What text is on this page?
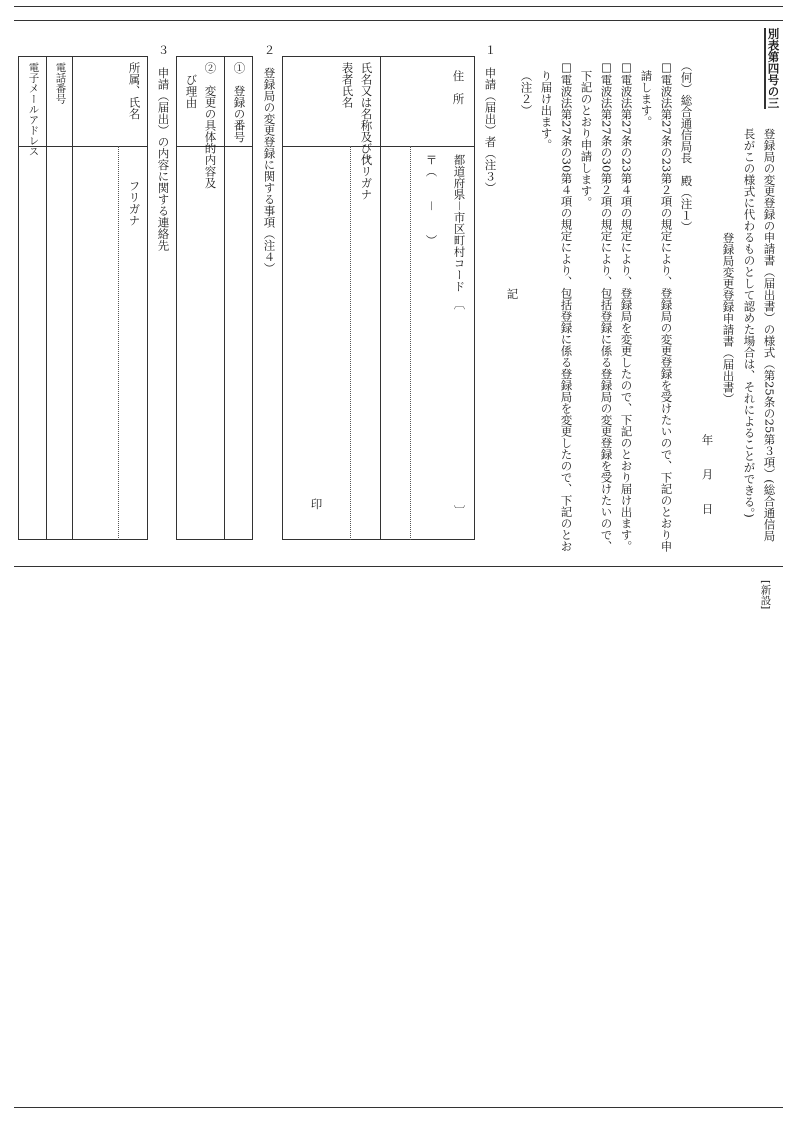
[新設]
別表第四号の三
登録局の変更登録の申請書（届出書）の様式（第25条の25第３項）(総合通信局
長がこの様式に代わるものとして認めた場合は、それによることができる。)
登録局変更登録申請書（届出書）
年　　月　　日
（何）総合通信局長　殿（注１）
□電波法第27条の23第２項の規定により、登録局の変更登録を受けたいので、下記のとおり申
請します。
□電波法第27条の23第４項の規定により、登録局を変更したので、下記のとおり届け出ます。
□電波法第27条の30第２項の規定により、包括登録に係る登録局の変更登録を受けたいので、
下記のとおり申請します。
□電波法第27条の30第４項の規定により、包括登録に係る登録局を変更したので、下記のとお
り届け出ます。
（注２）
記
１　申請（届出）者（注３）
住　所
都道府県－市区町村コード　〔　　　　　　　　　　　　　　　　　〕
〒（　　－　　）
氏名又は名称及び代
表者氏名
フリガナ
印
２　登録局の変更登録に関する事項（注４）
①　登録の番号
②　変更の具体的内容及
び理由
３　申請（届出）の内容に関する連絡先
所属、氏名
フリガナ
電話番号
電子メールアドレス
